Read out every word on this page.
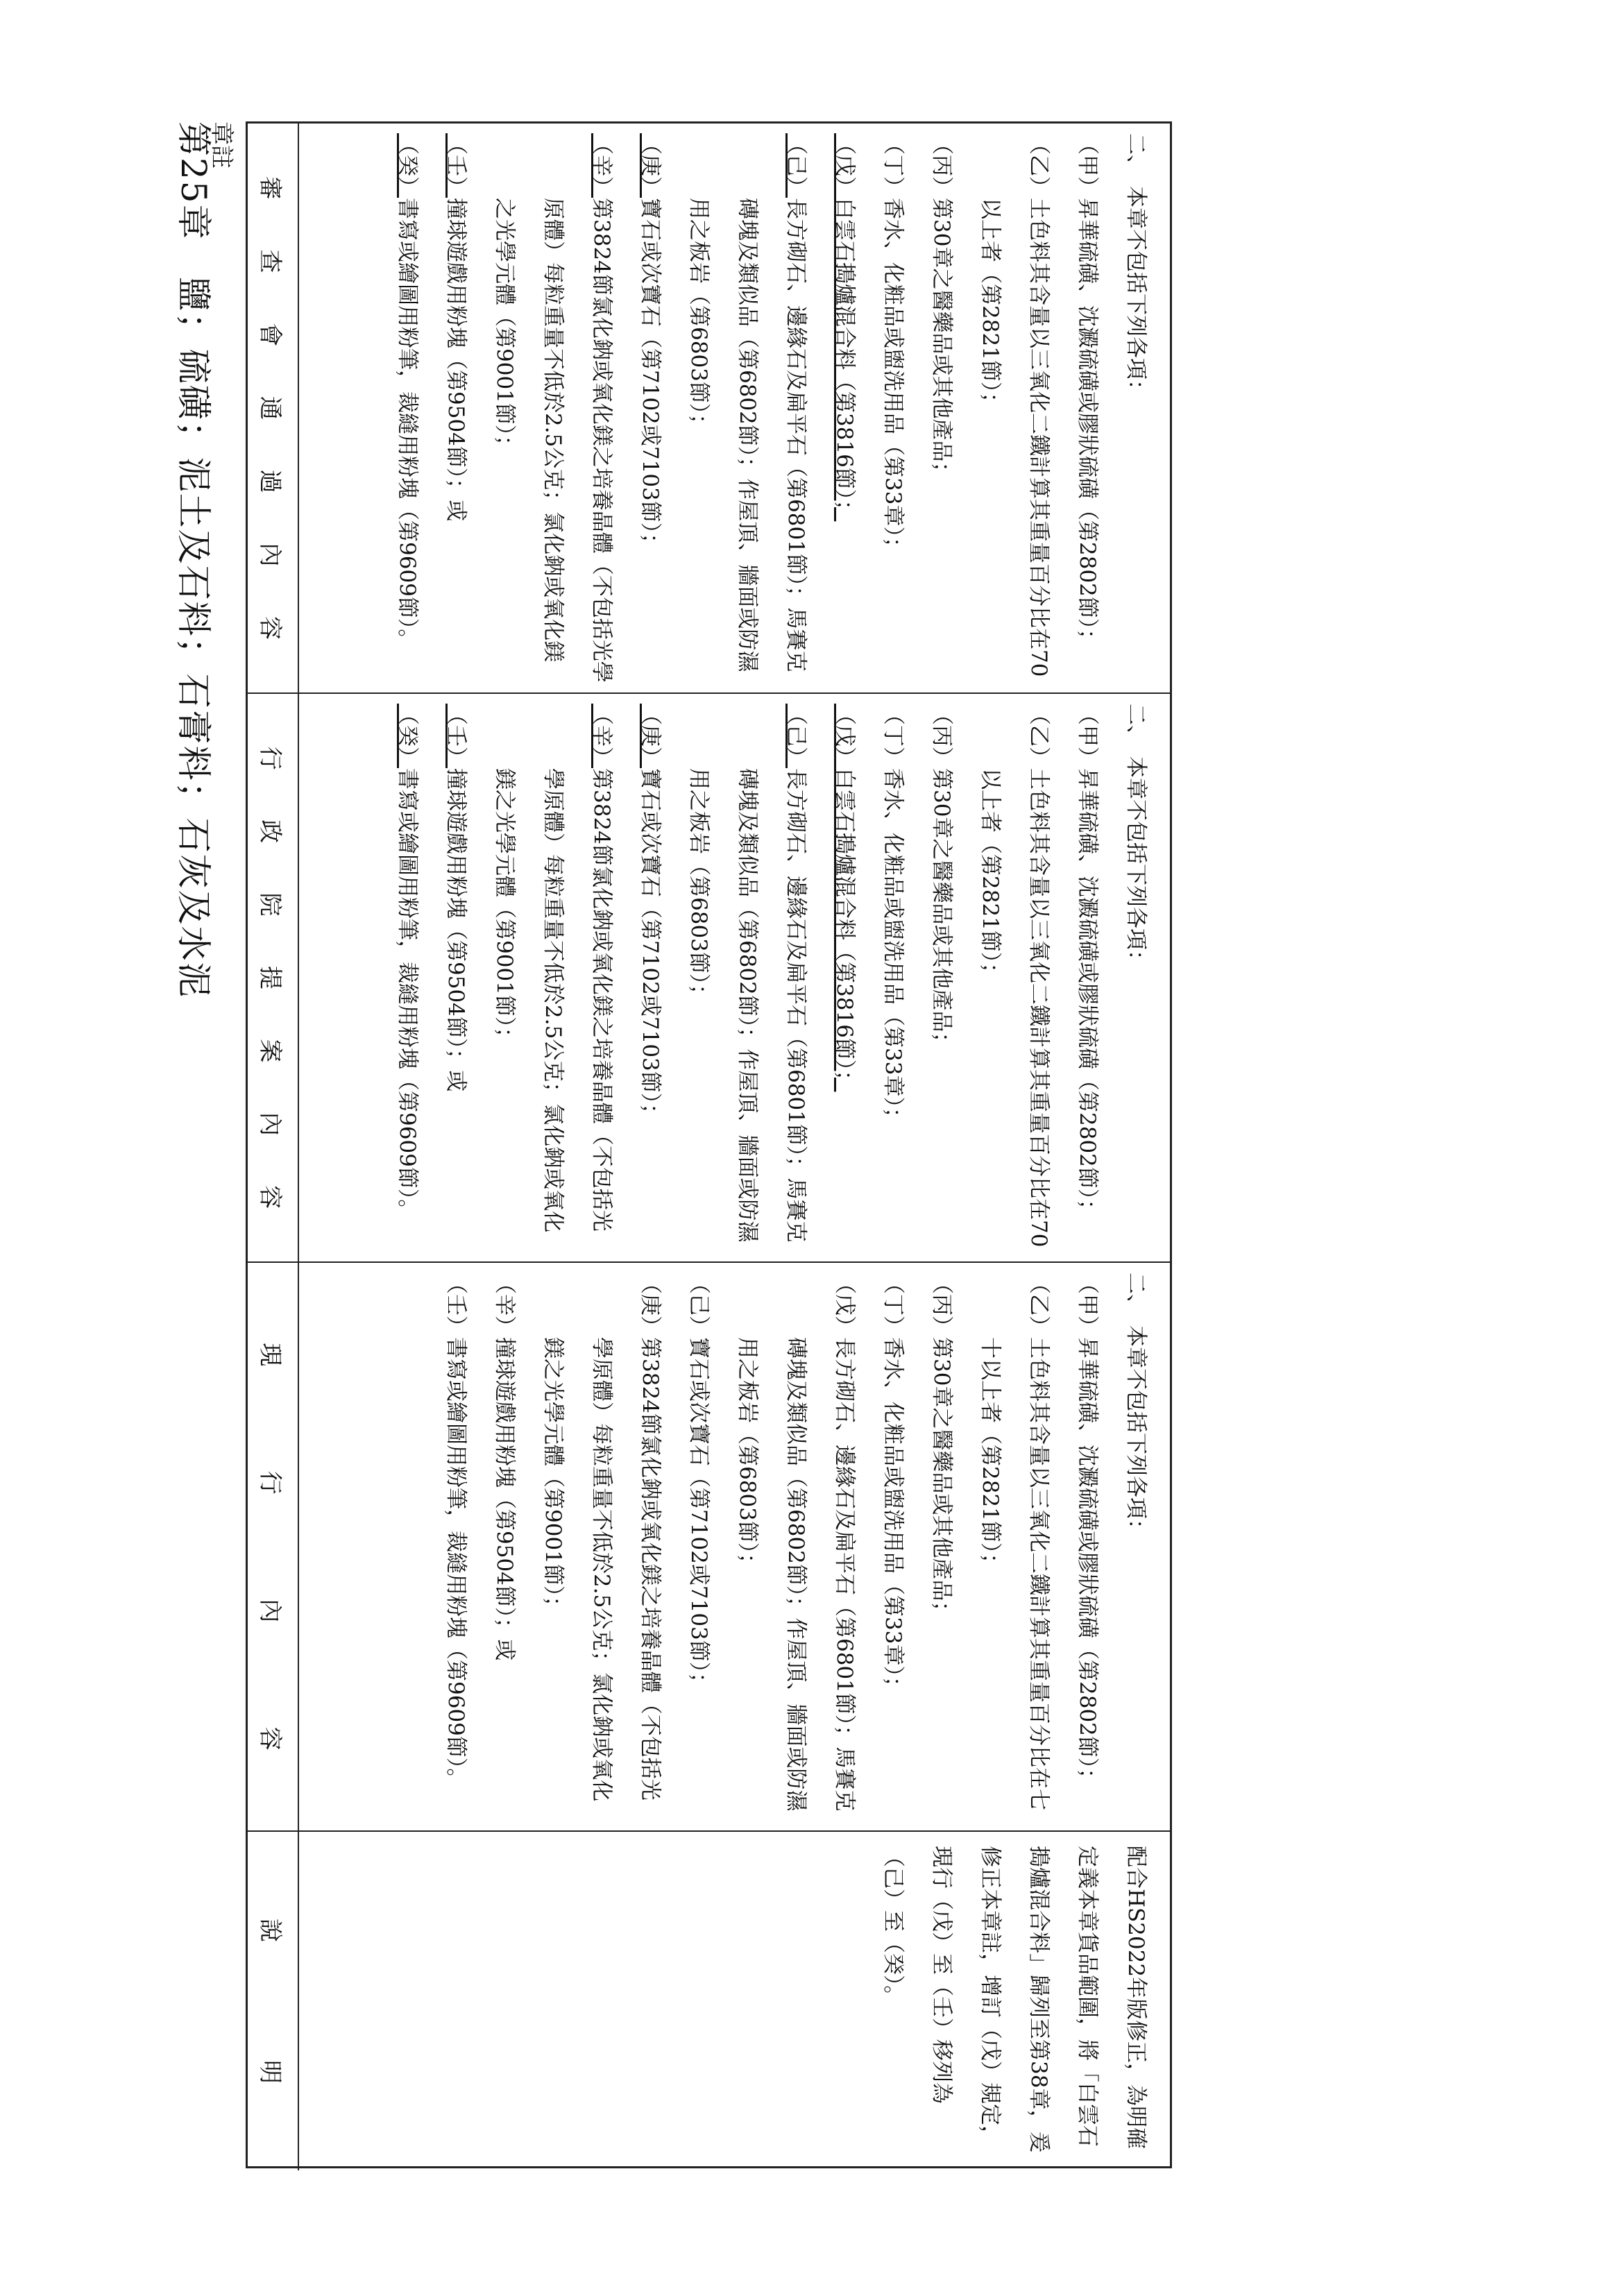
第25章　鹽；硫磺；泥土及石料；石膏料；石灰及水泥
章註	二、
本章不包括下列各項：
（甲）
昇華硫磺、沈澱硫磺或膠狀硫磺（第2802節）；
（乙）
土色料其含量以三氧化二鐵計算其重量百分比在70以上者（第2821節）；
（丙）
第30章之醫藥品或其他產品；
（丁）
香水、化粧品或盥洗用品（第33章）；
（戊）
白雲石搗爐混合料（第3816節）；
（己）
長方砌石、邊緣石及扁平石（第6801節）；馬賽克磚塊及類似品（第6802節）；作屋頂、牆面或防濕用之板岩（第6803節）；
（庚）
寶石或次寶石（第7102或7103節）；
（辛）
第3824節氯化鈉或氧化鎂之培養晶體（不包括光學原體）每粒重量不低於2.5公克；氯化鈉或氧化鎂之光學元體（第9001節）；
（壬）
撞球遊戲用粉塊（第9504節）；或
（癸）
書寫或繪圖用粉筆，裁縫用粉塊（第9609節）。
審
查
會
通
過
內
容
二、
本章不包括下列各項：
（甲）
昇華硫磺、沈澱硫磺或膠狀硫磺（第2802節）；
（乙）
土色料其含量以三氧化二鐵計算其重量百分比在70以上者（第2821節）；
（丙）
第30章之醫藥品或其他產品；
（丁）
香水、化粧品或盥洗用品（第33章）；
（戊）
白雲石搗爐混合料（第3816節）；
（己）
長方砌石、邊緣石及扁平石（第6801節）；馬賽克磚塊及類似品（第6802節）；作屋頂、牆面或防濕用之板岩（第6803節）；
（庚）
寶石或次寶石（第7102或7103節）；
（辛）
第3824節氯化鈉或氧化鎂之培養晶體（不包括光學原體）每粒重量不低於2.5公克；氯化鈉或氧化鎂之光學元體（第9001節）；
（壬）
撞球遊戲用粉塊（第9504節）；或
（癸）
書寫或繪圖用粉筆，裁縫用粉塊（第9609節）。
行
政
院
提
案
內
容
二、
本章不包括下列各項：
（甲）
昇華硫磺、沈澱硫磺或膠狀硫磺（第2802節）；
（乙）
土色料其含量以三氧化二鐵計算其重量百分比在七十以上者（第2821節）；
（丙）
第30章之醫藥品或其他產品；
（丁）
香水、化粧品或盥洗用品（第33章）；
（戊）
長方砌石、邊緣石及扁平石（第6801節）；馬賽克磚塊及類似品（第6802節）；作屋頂、牆面或防濕用之板岩（第6803節）；
（己）
寶石或次寶石（第7102或7103節）；
（庚）
第3824節氯化鈉或氧化鎂之培養晶體（不包括光學原體）每粒重量不低於2.5公克；氯化鈉或氧化鎂之光學元體（第9001節）；
（辛）
撞球遊戲用粉塊（第9504節）；或
（壬）
書寫或繪圖用粉筆，裁縫用粉塊（第9609節）。
現
行
內
容
配合HS2022年版修正，為明確定義本章貨品範圍，將「白雲石搗爐混合料」歸列至第38章，爰修正本章註，增訂（戊）規定，現行（戊）至（壬）移列為（己）至（癸）。
說
明
